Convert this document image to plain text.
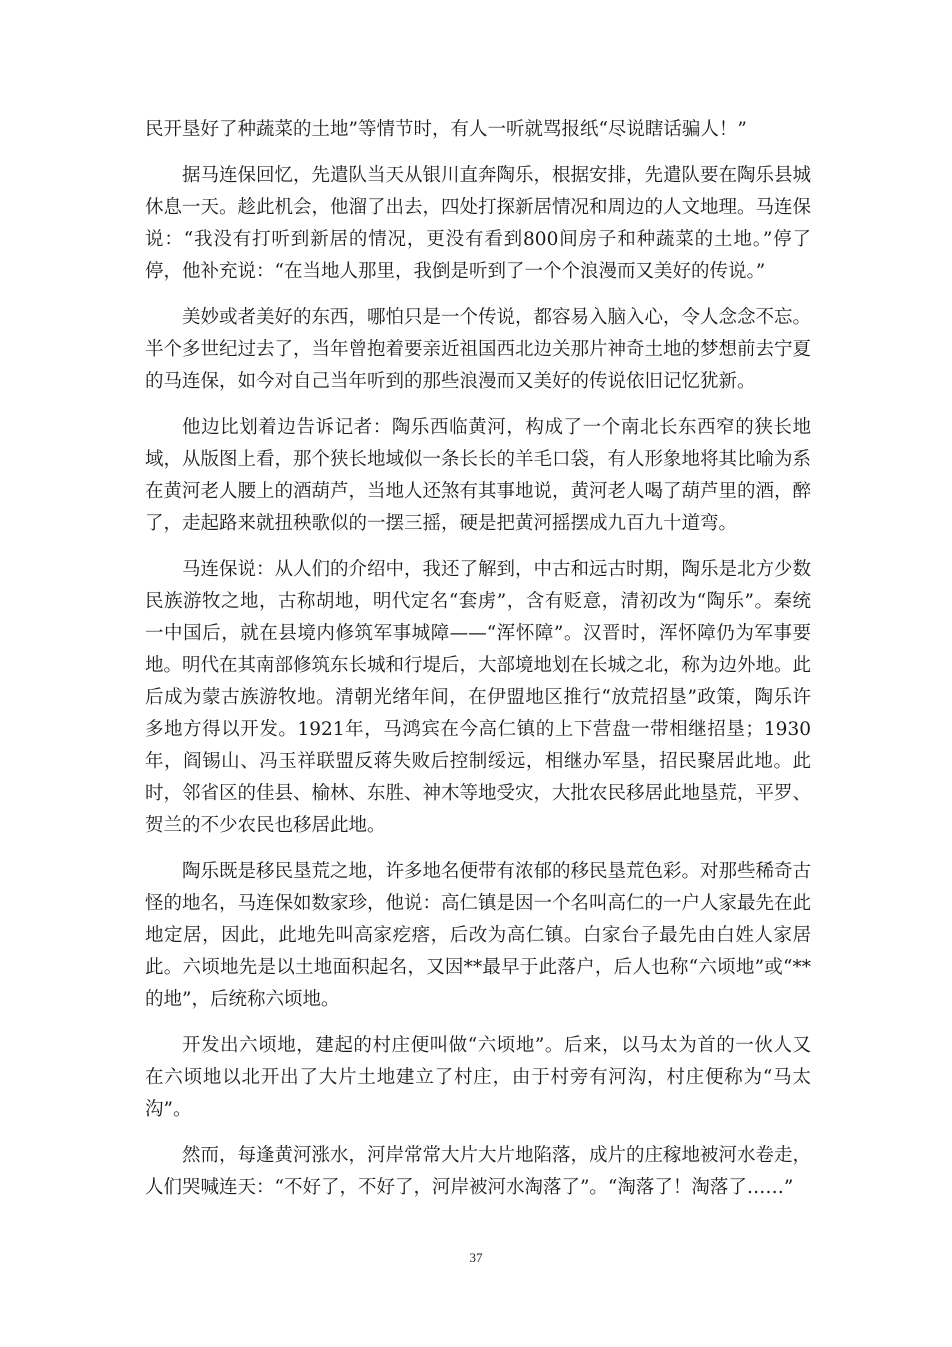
民开垦好了种蔬菜的土地”等情节时，有人一听就骂报纸“尽说瞎话骗人！”

据马连保回忆，先遣队当天从银川直奔陶乐，根据安排，先遣队要在陶乐县城休息一天。趁此机会，他溜了出去，四处打探新居情况和周边的人文地理。马连保说：“我没有打听到新居的情况，更没有看到800间房子和种蔬菜的土地。”停了停，他补充说：“在当地人那里，我倒是听到了一个个浪漫而又美好的传说。”

美妙或者美好的东西，哪怕只是一个传说，都容易入脑入心，令人念念不忘。半个多世纪过去了，当年曾抱着要亲近祖国西北边关那片神奇土地的梦想前去宁夏的马连保，如今对自己当年听到的那些浪漫而又美好的传说依旧记忆犹新。

他边比划着边告诉记者：陶乐西临黄河，构成了一个南北长东西窄的狭长地域，从版图上看，那个狭长地域似一条长长的羊毛口袋，有人形象地将其比喻为系在黄河老人腰上的酒葫芦，当地人还煞有其事地说，黄河老人喝了葫芦里的酒，醉了，走起路来就扭秧歌似的一摆三摇，硬是把黄河摇摆成九百九十道弯。

马连保说：从人们的介绍中，我还了解到，中古和远古时期，陶乐是北方少数民族游牧之地，古称胡地，明代定名“套虏”，含有贬意，清初改为“陶乐”。秦统一中国后，就在县境内修筑军事城障——“浑怀障”。汉晋时，浑怀障仍为军事要地。明代在其南部修筑东长城和行堤后，大部境地划在长城之北，称为边外地。此后成为蒙古族游牧地。清朝光绪年间，在伊盟地区推行“放荒招垦”政策，陶乐许多地方得以开发。1921年，马鸿宾在今高仁镇的上下营盘一带相继招垦；1930年，阎锡山、冯玉祥联盟反蒋失败后控制绥远，相继办军垦，招民聚居此地。此时，邻省区的佳县、榆林、东胜、神木等地受灾，大批农民移居此地垦荒，平罗、贺兰的不少农民也移居此地。

陶乐既是移民垦荒之地，许多地名便带有浓郁的移民垦荒色彩。对那些稀奇古怪的地名，马连保如数家珍，他说：高仁镇是因一个名叫高仁的一户人家最先在此地定居，因此，此地先叫高家疙瘩，后改为高仁镇。白家台子最先由白姓人家居此。六顷地先是以土地面积起名，又因**最早于此落户，后人也称“六顷地”或“**的地”，后统称六顷地。

开发出六顷地，建起的村庄便叫做“六顷地”。后来，以马太为首的一伙人又在六顷地以北开出了大片土地建立了村庄，由于村旁有河沟，村庄便称为“马太沟”。

然而，每逢黄河涨水，河岸常常大片大片地陷落，成片的庄稼地被河水卷走，人们哭喊连天：“不好了，不好了，河岸被河水淘落了”。“淘落了！淘落了……”

37
